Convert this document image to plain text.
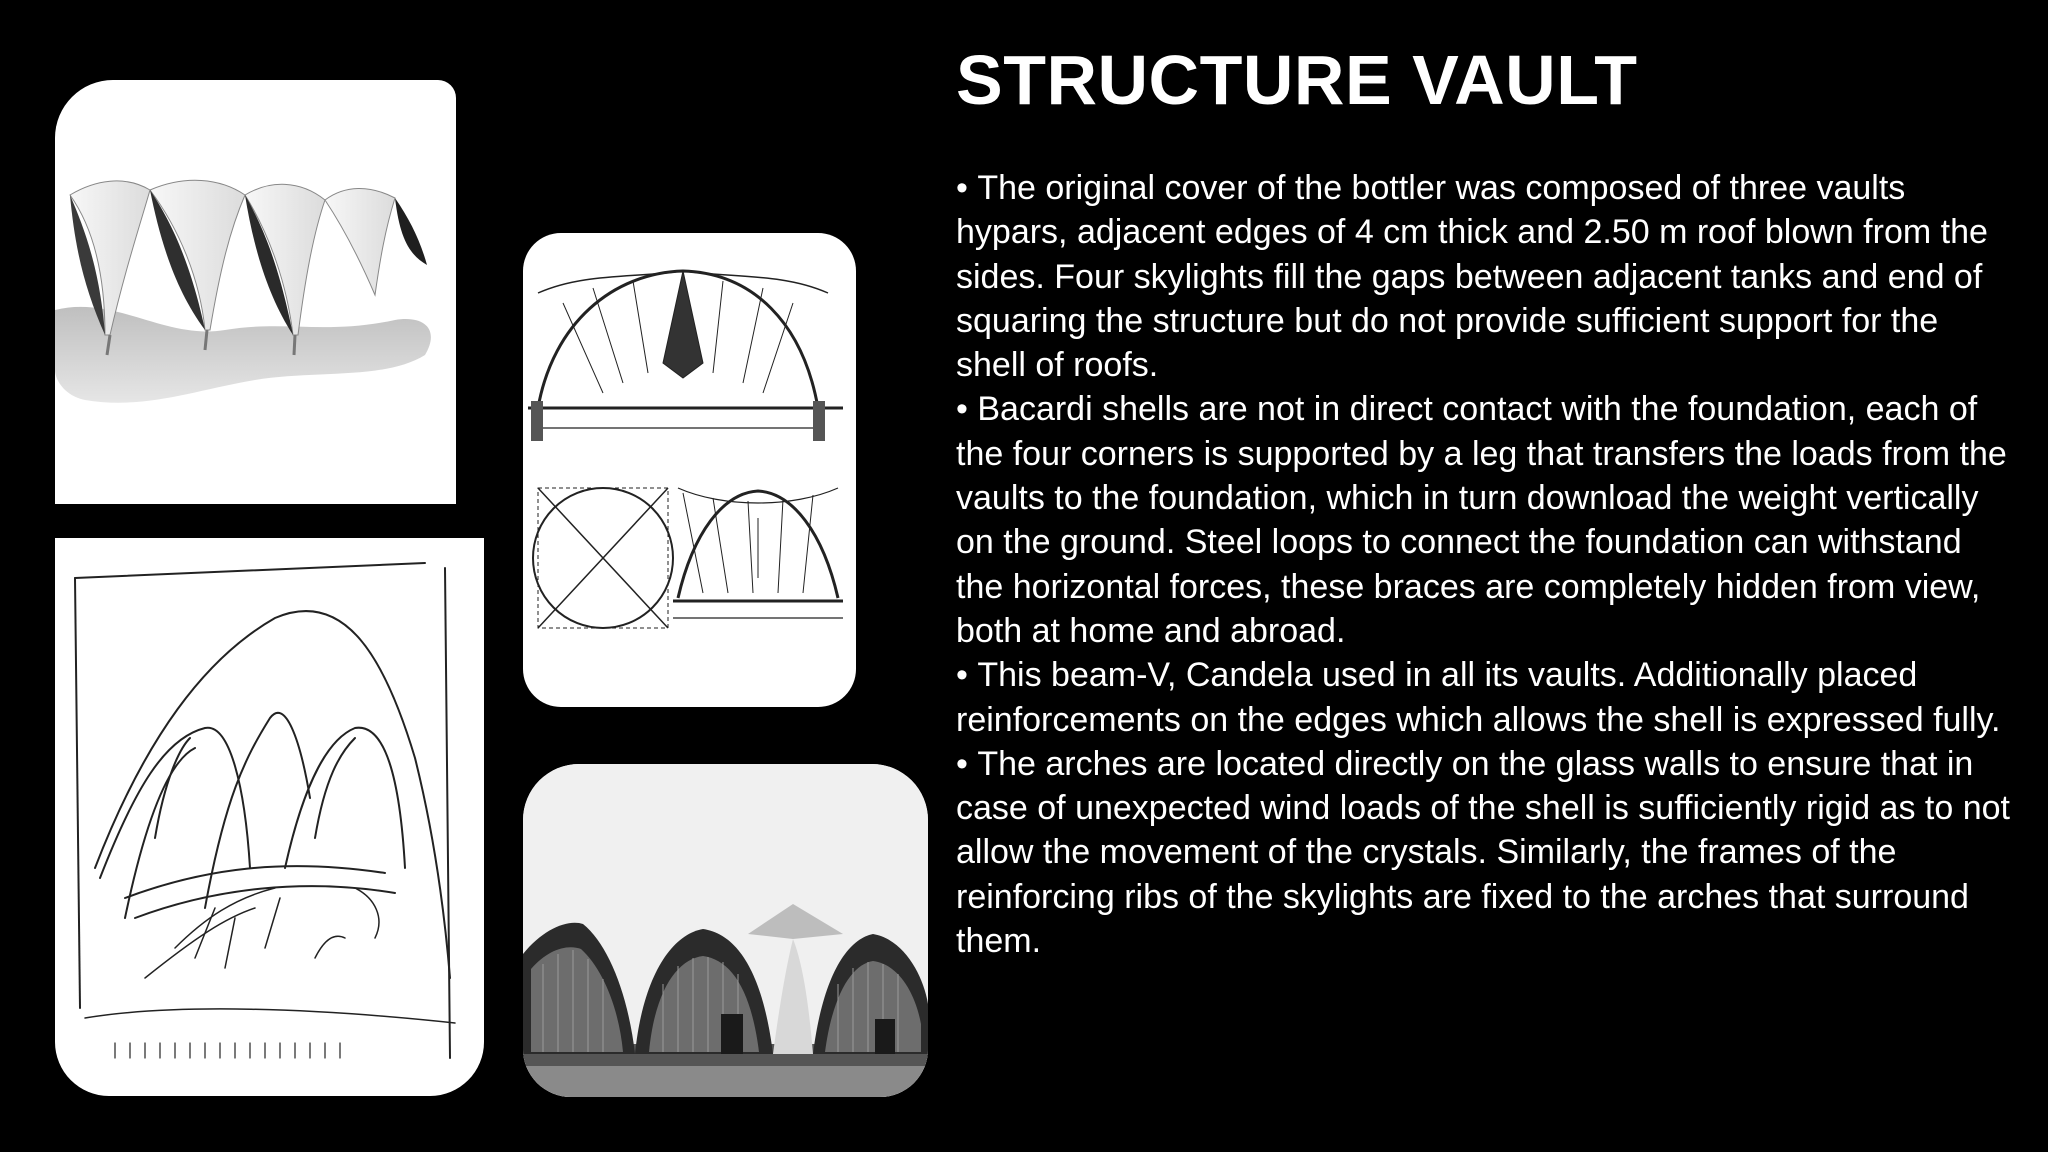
STRUCTURE VAULT
• The original cover of the bottler was composed of three vaults hypars, adjacent edges of 4 cm thick and 2.50 m roof blown from the sides. Four skylights fill the gaps between adjacent tanks and end of squaring the structure but do not provide sufficient support for the shell of roofs.
• Bacardi shells are not in direct contact with the foundation, each of the four corners is supported by a leg that transfers the loads from the vaults to the foundation, which in turn download the weight vertically on the ground. Steel loops to connect the foundation can withstand the horizontal forces, these braces are completely hidden from view, both at home and abroad.
• This beam-V, Candela used in all its vaults. Additionally placed reinforcements on the edges which allows the shell is expressed fully.
• The arches are located directly on the glass walls to ensure that in case of unexpected wind loads of the shell is sufficiently rigid as to not allow the movement of the crystals. Similarly, the frames of the reinforcing ribs of the skylights are fixed to the arches that surround them.
